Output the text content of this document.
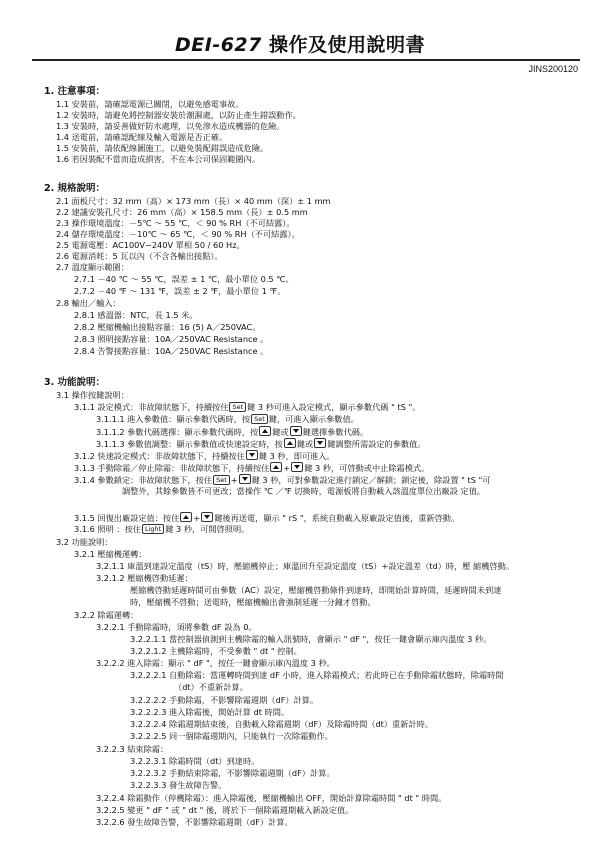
DEI-627 操作及使用說明書
JINS200120
1. 注意事項：
1.1 安裝前，請確認電源已關閉，以避免感電事故。
1.2 安裝時，請避免將控制器安裝於潮濕處，以防止產生錯誤動作。
1.3 安裝時，請妥善做好防水處理，以免滲水造成機器的危險。
1.4 送電前，請確認配線及輸入電源是否正確。
1.5 安裝前，請依配線圖施工，以避免裝配錯誤造成危險。
1.6 若因裝配不當而造成損害，不在本公司保固範圍內。
2. 規格說明：
2.1 面板尺寸：32 mm（高）× 173 mm（長）× 40 mm（深）± 1 mm
2.2 建議安裝孔尺寸：26 mm（高）× 158.5 mm（長）± 0.5 mm
2.3 操作環境溫度：－5℃ ～ 55 ℃，＜ 90 % RH（不可結露）。
2.4 儲存環境溫度：－10℃ ～ 65 ℃，＜ 90 % RH（不可結露）。
2.5 電源電壓：AC100V~240V 單相 50 / 60 Hz。
2.6 電源消耗：5 瓦以內（不含各輸出接點）。
2.7 溫度顯示範圍：
2.7.1 －40 ℃ ～ 55 ℃，誤差 ± 1 ℃，最小單位 0.5 ℃。
2.7.2 －40 ℉ ～ 131 ℉，誤差 ± 2 ℉，最小單位 1 ℉。
2.8 輸出／輸入：
2.8.1 感溫器：NTC，長 1.5 米。
2.8.2 壓縮機輸出接點容量：16 (5) A／250VAC。
2.8.3 照明接點容量：10A／250VAC Resistance 。
2.8.4 告警接點容量：10A／250VAC Resistance 。
3. 功能說明：
3.1 操作按鍵說明：
3.1.1 設定模式：非故障狀態下，持續按住 Set 鍵 3 秒可進入設定模式，顯示參數代碼 " tS "。
3.1.1.1 進入參數值：顯示參數代碼時，按 Set 鍵，可進入顯示參數值。
3.1.1.2 參數代碼選擇：顯示參數代碼時，按 鍵或 鍵選擇參數代碼。
3.1.1.3 參數值調整：顯示參數值或快速設定時，按 鍵或 鍵調整所需設定的參數值。
3.1.2 快速設定模式：非故障狀態下，持續按住 鍵 3 秒，即可進入。
3.1.3 手動除霜／停止除霜：非故障狀態下，持續按住 + 鍵 3 秒，可啓動或中止除霜模式。
3.1.4 參數鎖定：非故障狀態下，按住 Set + 鍵 3 秒，可對參數設定進行鎖定／解鎖；鎖定後，除設置 " tS "可
調整外，其餘參數皆不可更改；當操作 ℃ ／℉ 切換時，電源板將自動載入該溫度單位出廠設 定值。
3.1.5 回復出廠設定值：按住 + 鍵後再送電，顯示 " rS "，系統自動載入原廠設定值後，重新啓動。
3.1.6 照明 ：按住 Light 鍵 3 秒，可開啓照明。
3.2 功能說明：
3.2.1 壓縮機運轉：
3.2.1.1 庫溫到達設定溫度（tS）時，壓縮機停止；庫溫回升至設定溫度（tS）+設定溫差（td）時，壓 縮機啓動。
3.2.1.2 壓縮機啓動延遲：
壓縮機啓動延遲時間可由參數（AC）設定，壓縮機啓動條件到達時，即開始計算時間，延遲時間未到達
時，壓縮機不啓動；送電時，壓縮機輸出會強制延遲一分鐘才啓動。
3.2.2 除霜運轉：
3.2.2.1 手動除霜時，須將參數 dF 設為 0。
3.2.2.1.1 當控制器偵測到主機除霜的輸入訊號時，會顯示 " dF "，按任一鍵會顯示庫內溫度 3 秒。
3.2.2.1.2 主機除霜時，不受參數 " dt " 控制。
3.2.2.2 進入除霜：顯示 " dF "，按任一鍵會顯示庫內溫度 3 秒。
3.2.2.2.1 自動除霜：當運轉時間到達 dF 小時，進入除霜模式；若此時已在手動除霜狀態時，除霜時間
（dt）不重新計算。
3.2.2.2.2 手動除霜，不影響除霜週期（dF）計算。
3.2.2.2.3 進入除霜後，開始計算 dt 時間。
3.2.2.2.4 除霜週期結束後，自動載入除霜週期（dF）及除霜時間（dt）重新計時。
3.2.2.2.5 同一個除霜週期內，只能執行一次除霜動作。
3.2.2.3 結束除霜：
3.2.2.3.1 除霜時間（dt）到達時。
3.2.2.3.2 手動結束除霜，不影響除霜週期（dF）計算。
3.2.2.3.3 發生故障告警。
3.2.2.4 除霜動作（停機除霜）：進入除霜後，壓縮機輸出 OFF，開始計算除霜時間 " dt " 時間。
3.2.2.5 變更 " dF " 或 " dt " 後，將於下一個除霜週期載入新設定值。
3.2.2.6 發生故障告警，不影響除霜週期（dF）計算。
